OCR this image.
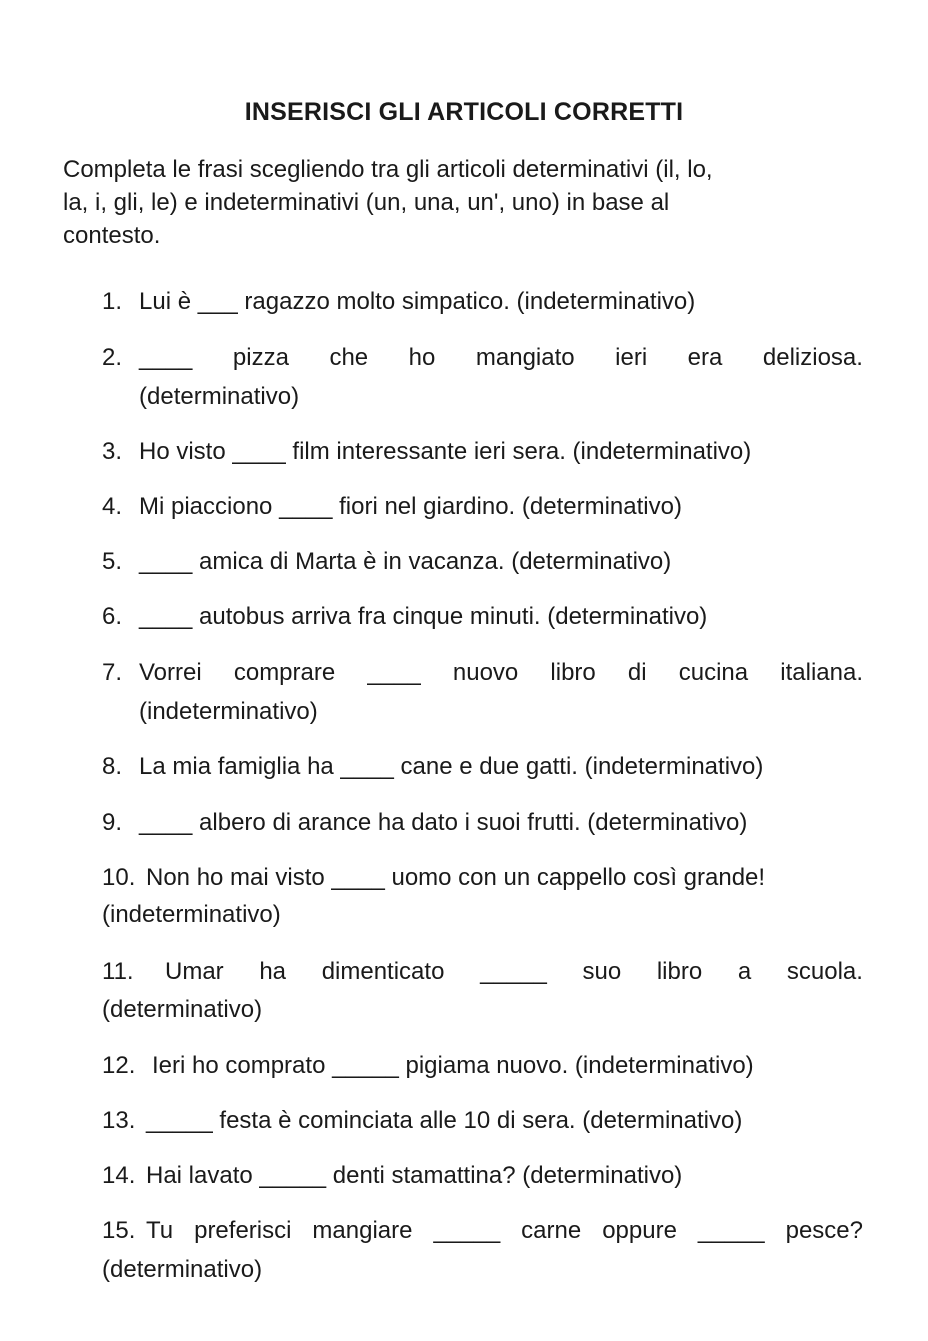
INSERISCI GLI ARTICOLI CORRETTI
Completa le frasi scegliendo tra gli articoli determinativi (il, lo,
la, i, gli, le) e indeterminativi (un, una, un', uno) in base al
contesto.
1. Lui è ___ ragazzo molto simpatico. (indeterminativo)
2. ____ pizza che ho mangiato ieri era deliziosa.
(determinativo)
3. Ho visto ____ film interessante ieri sera. (indeterminativo)
4. Mi piacciono ____ fiori nel giardino. (determinativo)
5. ____ amica di Marta è in vacanza. (determinativo)
6. ____ autobus arriva fra cinque minuti. (determinativo)
7. Vorrei comprare ____ nuovo libro di cucina italiana.
(indeterminativo)
8. La mia famiglia ha ____ cane e due gatti. (indeterminativo)
9. ____ albero di arance ha dato i suoi frutti. (determinativo)
10. Non ho mai visto ____ uomo con un cappello così grande!
(indeterminativo)
11. Umar ha dimenticato _____ suo libro a scuola.
(determinativo)
12. Ieri ho comprato _____ pigiama nuovo. (indeterminativo)
13. _____ festa è cominciata alle 10 di sera. (determinativo)
14. Hai lavato _____ denti stamattina? (determinativo)
15. Tu preferisci mangiare _____ carne oppure _____ pesce?
(determinativo)
